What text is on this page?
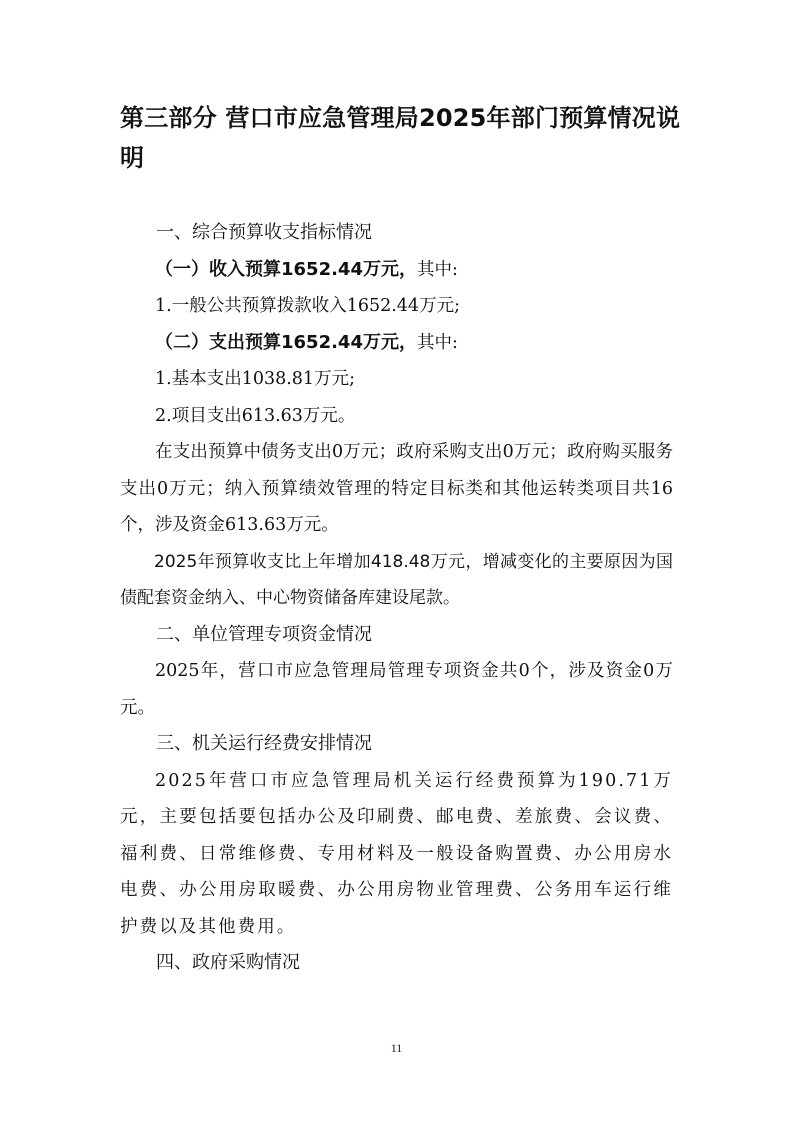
第三部分 营口市应急管理局2025年部门预算情况说明

一、综合预算收支指标情况

（一）收入预算1652.44万元，其中:

1.一般公共预算拨款收入1652.44万元;

（二）支出预算1652.44万元，其中:

1.基本支出1038.81万元;

2.项目支出613.63万元。

在支出预算中债务支出0万元；政府采购支出0万元；政府购买服务支出0万元；纳入预算绩效管理的特定目标类和其他运转类项目共16个，涉及资金613.63万元。

2025年预算收支比上年增加418.48万元，增减变化的主要原因为国债配套资金纳入、中心物资储备库建设尾款。

二、单位管理专项资金情况

2025年，营口市应急管理局管理专项资金共0个，涉及资金0万元。

三、机关运行经费安排情况

2025年营口市应急管理局机关运行经费预算为190.71万元，主要包括要包括办公及印刷费、邮电费、差旅费、会议费、福利费、日常维修费、专用材料及一般设备购置费、办公用房水电费、办公用房取暖费、办公用房物业管理费、公务用车运行维护费以及其他费用。

四、政府采购情况

11
